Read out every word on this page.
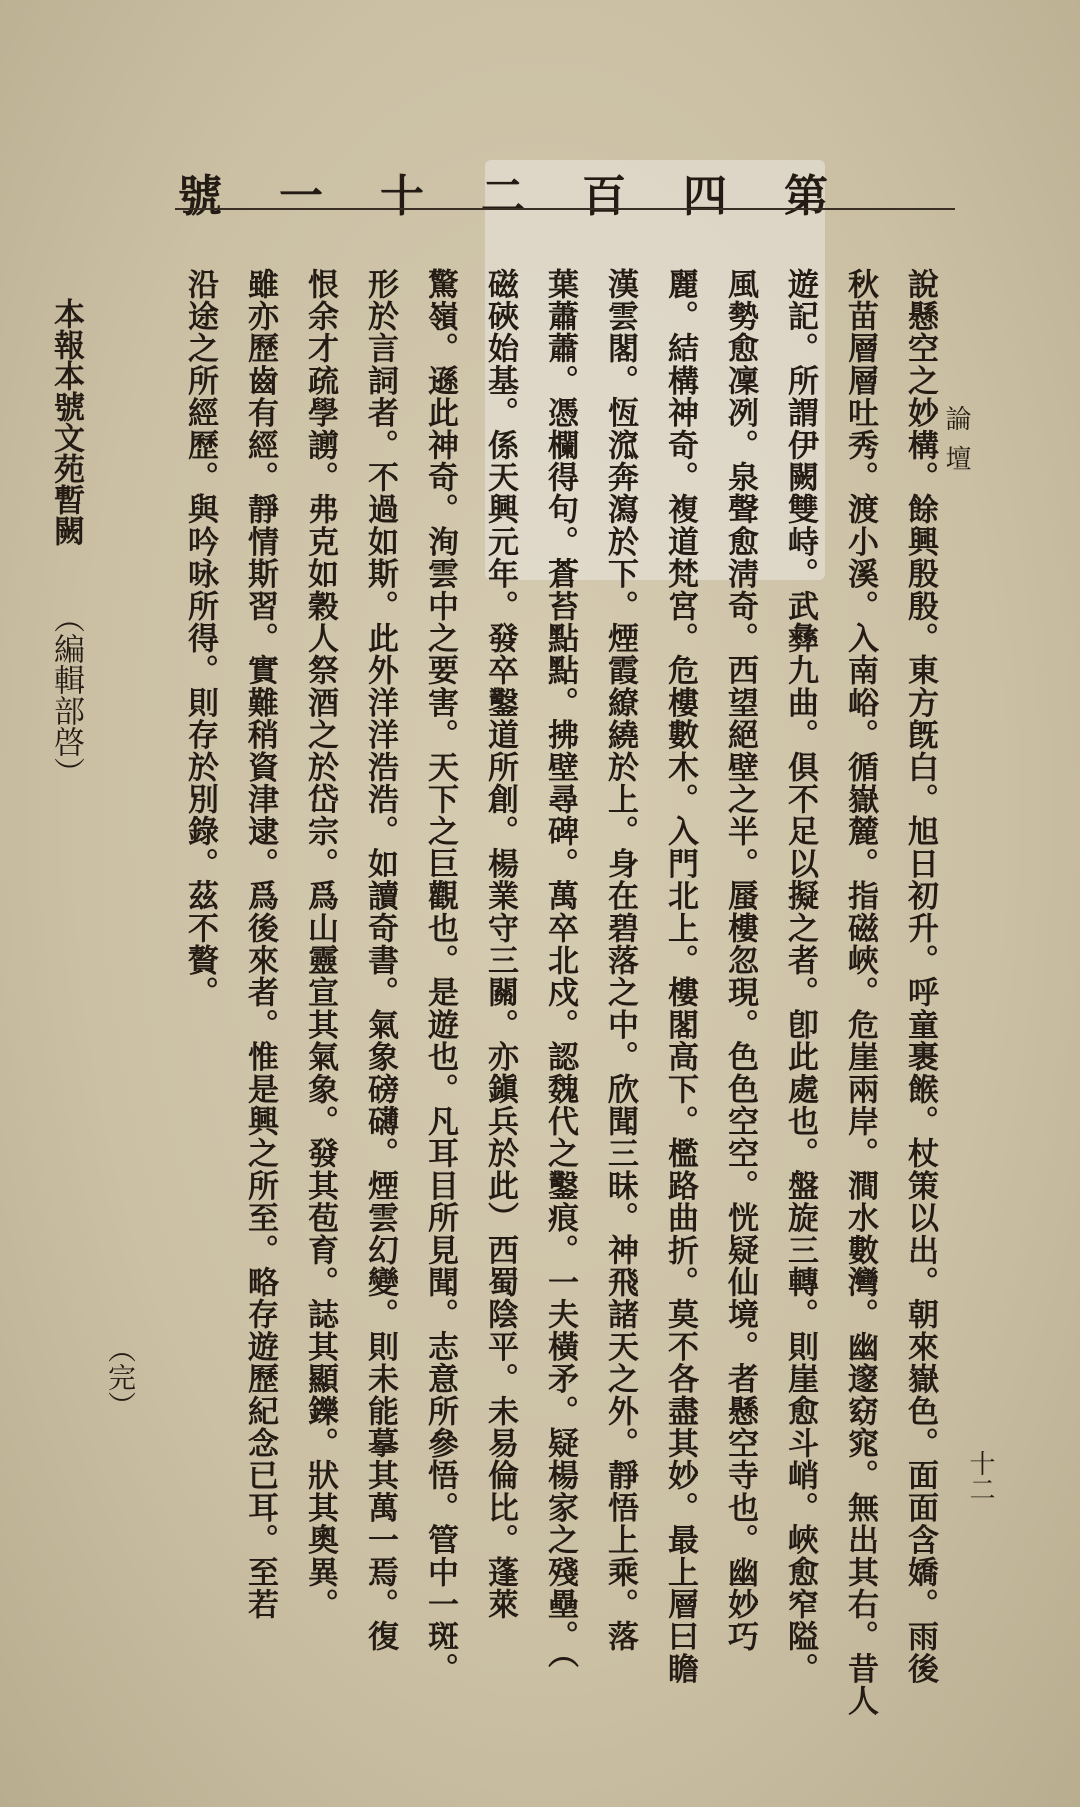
號 一 十 二 百 四 第
論壇
十二
說懸空之妙構。餘興殷殷。東方旣白。旭日初升。呼童裹餱。杖策以出。朝來嶽色。面面含嬌。雨後
秋苗層層吐秀。渡小溪。入南峪。循嶽麓。指磁峽。危崖兩岸。澗水數灣。幽邃窈窕。無出其右。昔人
遊記。所謂伊闕雙峙。武彝九曲。俱不足以擬之者。卽此處也。盤旋三轉。則崖愈斗峭。峽愈窄隘。
風勢愈凜冽。泉聲愈淸奇。西望絕壁之半。蜃樓忽現。色色空空。恍疑仙境。者懸空寺也。幽妙巧
麗。結構神奇。複道梵宮。危樓數木。入門北上。樓閣高下。檻路曲折。莫不各盡其妙。最上層曰瞻
漢雲閣。恆溛奔瀉於下。煙霞繚繞於上。身在碧落之中。欣聞三昧。神飛諸天之外。靜悟上乘。落
葉蕭蕭。憑欄得句。蒼苔點點。拂壁尋碑。萬卒北戍。認魏代之鑿痕。一夫橫矛。疑楊家之殘壘。（
磁硤始基。係天興元年。發卒鑿道所創。楊業守三關。亦鎭兵於此）西蜀陰平。未易倫比。蓬萊
驚嶺。遜此神奇。洵雲中之要害。天下之巨觀也。是遊也。凡耳目所見聞。志意所參悟。管中一斑。
形於言詞者。不過如斯。此外洋洋浩浩。如讀奇書。氣象磅礴。煙雲幻變。則未能摹其萬一焉。復
恨余才疏學謭。弗克如穀人祭酒之於岱宗。爲山靈宣其氣象。發其苞育。誌其顯鑠。狀其奧異。
雖亦歷齒有經。靜情斯習。實難稍資津逮。爲後來者。惟是興之所至。略存遊歷紀念已耳。至若
沿途之所經歷。與吟咏所得。則存於別錄。茲不贅。
（完）
本報本號文苑暫闕 （編輯部啓）
